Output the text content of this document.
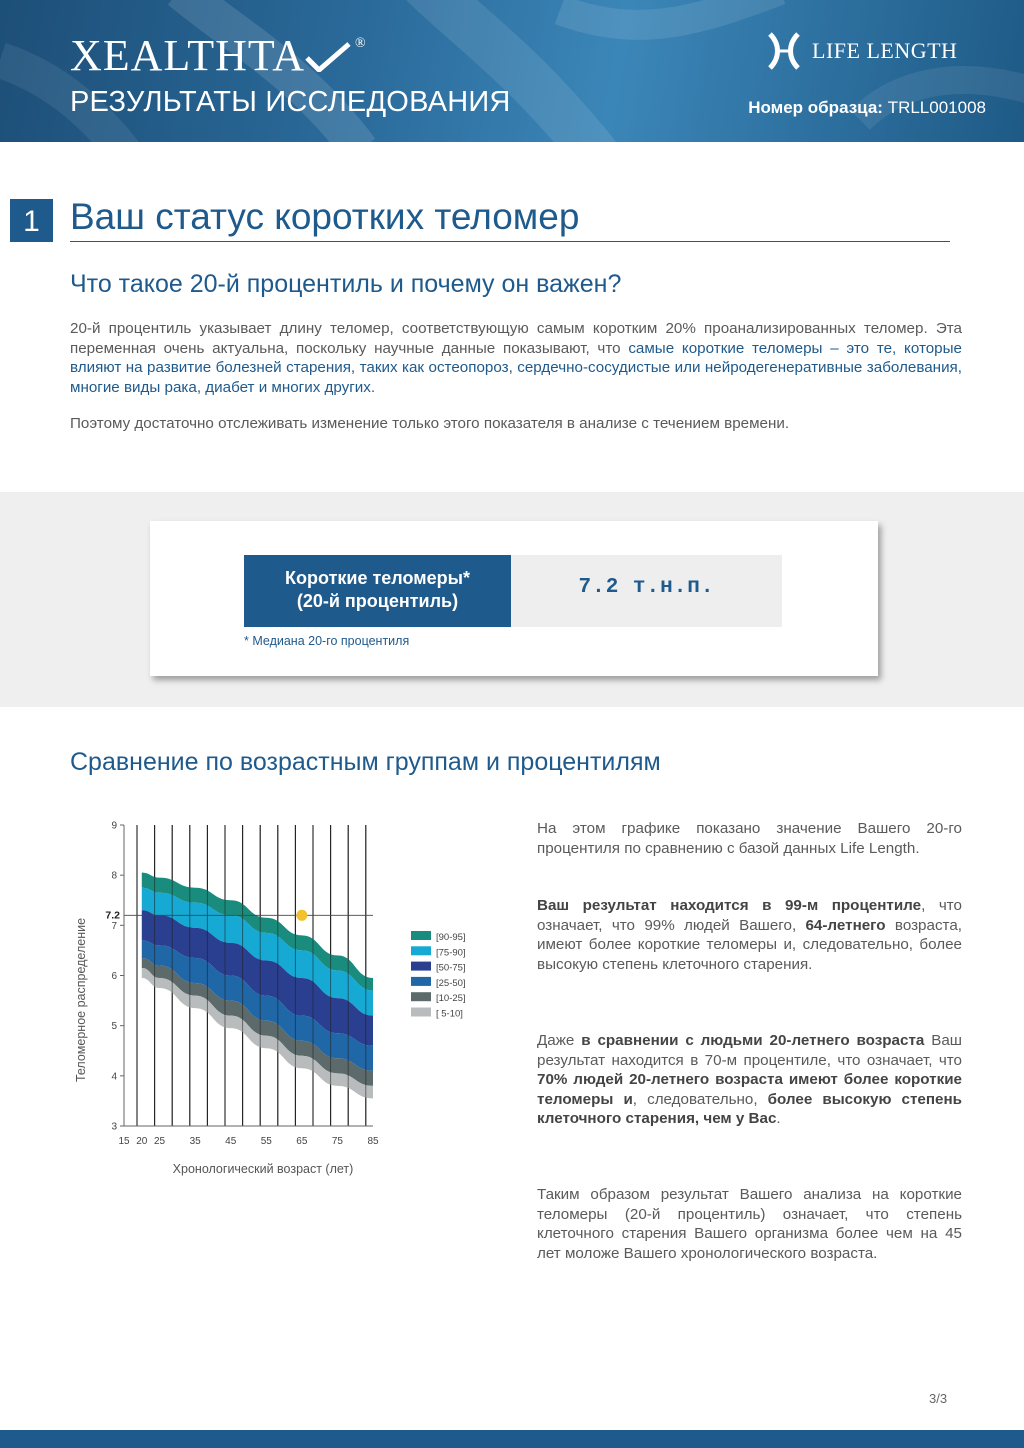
XEALTHTA	®
РЕЗУЛЬТАТЫ ИССЛЕДОВАНИЯ
LIFE LENGTH
Номер образца: TRLL001008
1 Ваш статус коротких теломер
Что такое 20-й процентиль и почему он важен?
20-й процентиль указывает длину теломер, соответствующую самым коротким 20% проанализированных теломер. Эта переменная очень актуальна, поскольку научные данные показывают, что самые короткие теломеры – это те, которые влияют на развитие болезней старения, таких как остеопороз, сердечно-сосудистые или нейродегенеративные заболевания, многие виды рака, диабет и многих других.
Поэтому достаточно отслеживать изменение только этого показателя в анализе с течением времени.
Короткие теломеры*
(20-й процентиль)
7.2 т.н.п.
* Медиана 20-го процентиля
Сравнение по возрастным группам и процентилям
7.2
3
4
5
6
7
8
9
15 20 25 35 45 55 65 75 85
[90-95]
[75-90]
[50-75]
[25-50]
[10-25]
[ 5-10]
Теломерное распределение
Хронологический возраст (лет)
На этом графике показано значение Вашего 20-го процентиля по сравнению с базой данных Life Length.
Ваш результат находится в 99-м процентиле, что означает, что 99% людей Вашего, 64-летнего возраста, имеют более короткие теломеры и, следовательно, более высокую степень клеточного старения.
Даже в сравнении с людьми 20-летнего возраста Ваш результат находится в 70-м процентиле, что означает, что 70% людей 20-летнего возраста имеют более короткие теломеры и, следовательно, более высокую степень клеточного старения, чем у Вас.
Таким образом результат Вашего анализа на короткие теломеры (20-й процентиль) означает, что степень клеточного старения Вашего организма более чем на 45 лет моложе Вашего хронологического возраста.
3/3
